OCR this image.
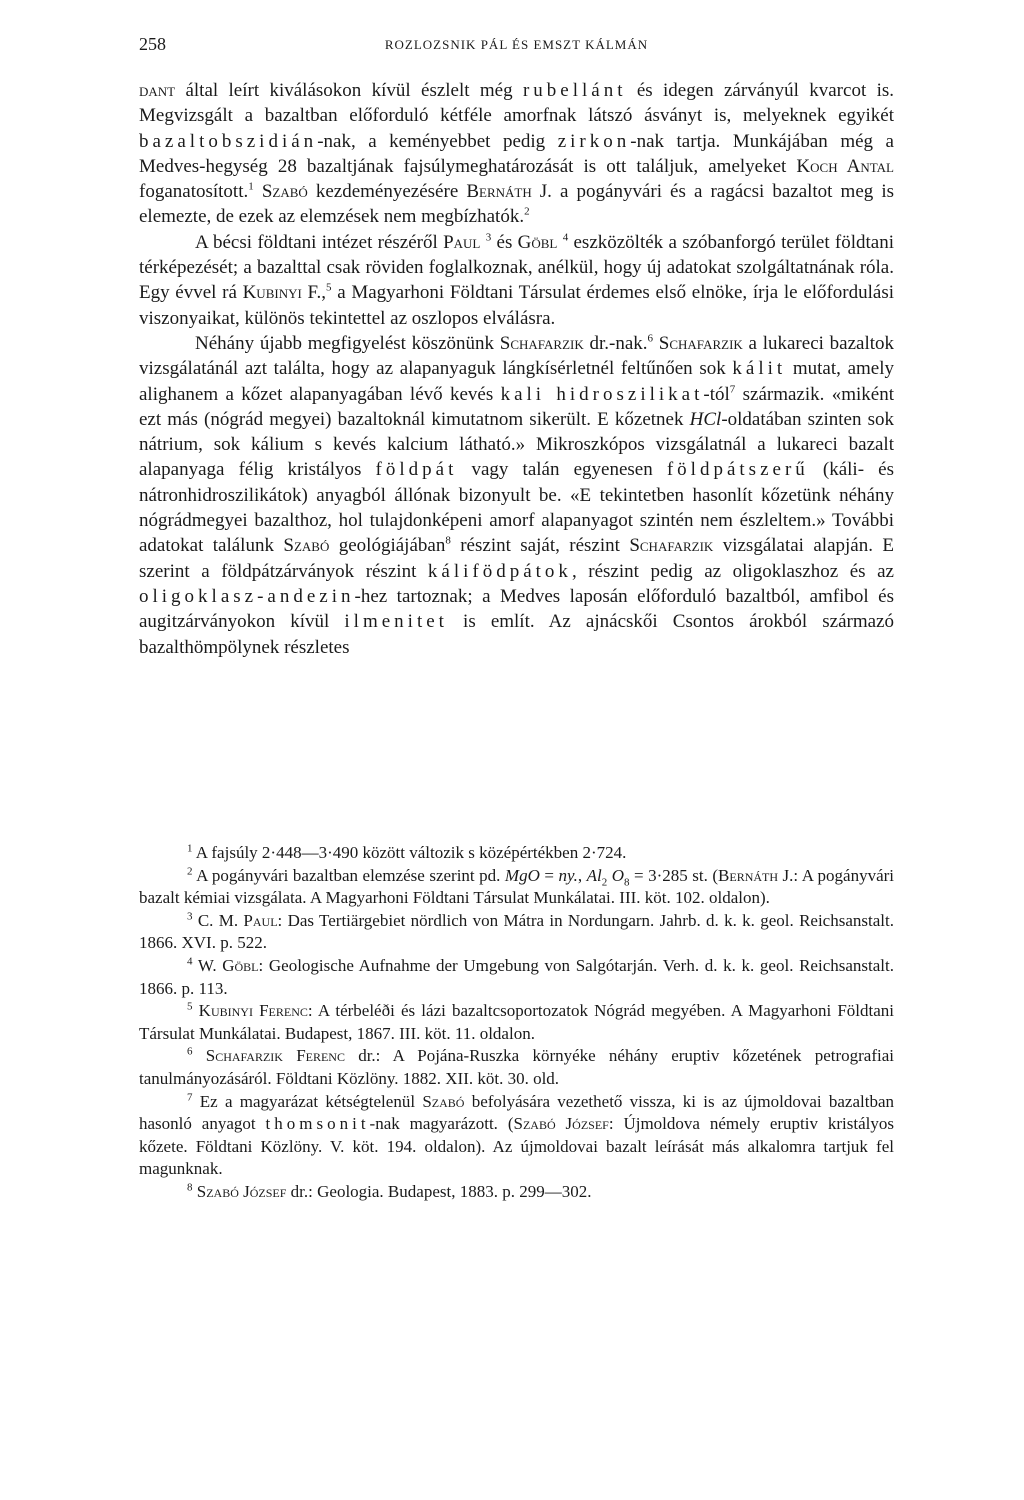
258	ROZLOZSNIK PÁL ÉS EMSZT KÁLMÁN

dant által leírt kiválásokon kívül észlelt még rubellánt és idegen zárványúl kvarcot is. Megvizsgált a bazaltban előforduló kétféle amorfnak látszó ásványt is, melyeknek egyikét bazaltobszidián-nak, a keményebbet pedig zirkon-nak tartja. Munkájában még a Medves-hegység 28 bazaltjának fajsúlymeghatározását is ott találjuk, amelyeket Koch Antal foganatosított.$^1$ Szabó kezdeményezésére Bernáth J. a pogányvári és a ragácsi bazaltot meg is elemezte, de ezek az elemzések nem megbízhatók.$^2$

A bécsi földtani intézet részéről Paul $^3$ és Göbl $^4$ eszközölték a szóbanforgó terület földtani térképezését; a bazalttal csak röviden foglalkoznak, anélkül, hogy új adatokat szolgáltatnának róla. Egy évvel rá Kubinyi F.,$^5$ a Magyarhoni Földtani Társulat érdemes első elnöke, írja le előfordulási viszonyaikat, különös tekintettel az oszlopos elválásra.

Néhány újabb megfigyelést köszönünk Schafarzik dr.-nak.$^6$ Schafarzik a lukareci bazaltok vizsgálatánál azt találta, hogy az alapanyaguk lángkísérletnél feltűnően sok kálit mutat, amely alighanem a kőzet alapanyagában lévő kevés kali hidroszilikat-tól$^7$ származik. «miként ezt más (nógrád megyei) bazaltoknál kimutatnom sikerült. E kőzetnek HCl-oldatában szinten sok nátrium, sok kálium s kevés kalcium látható.» Mikroszkópos vizsgálatnál a lukareci bazalt alapanyaga félig kristályos földpát vagy talán egyenesen földpátszerű (káli- és nátronhidroszilikátok) anyagból állónak bizonyult be. «E tekintetben hasonlít kőzetünk néhány nógrádmegyei bazalthoz, hol tulajdonképeni amorf alapanyagot szintén nem észleltem.» További adatokat találunk Szabó geológiájában$^8$ részint saját, részint Schafarzik vizsgálatai alapján. E szerint a földpátzárványok részint kálifödpátok, részint pedig az oligoklaszhoz és az oligoklasz-andezin-hez tartoznak; a Medves laposán előforduló bazaltból, amfibol és augitzárványokon kívül ilmenitet is említ. Az ajnácskői Csontos árokból származó bazalthömpölynek részletes

$^1$ A fajsúly 2·448—3·490 között változik s középértékben 2·724.

$^2$ A pogányvári bazaltban elemzése szerint pd. MgO = ny., $Al_2$ $O_8 = 3\cdot 285$ st. (Bernáth J.: A pogányvári bazalt kémiai vizsgálata. A Magyarhoni Földtani Társulat Munkálatai. III. köt. 102. oldalon).

$^3$ C. M. Paul: Das Tertiärgebiet nördlich von Mátra in Nordungarn. Jahrb. d. k. k. geol. Reichsanstalt. 1866. XVI. p. 522.

$^4$ W. Göbl: Geologische Aufnahme der Umgebung von Salgótarján. Verh. d. k. k. geol. Reichsanstalt. 1866. p. 113.

$^5$ Kubinyi Ferenc: A térbeléði és lázi bazaltcsoportozatok Nógrád megyében. A Magyarhoni Földtani Társulat Munkálatai. Budapest, 1867. III. köt. 11. oldalon.

$^6$ Schafarzik Ferenc dr.: A Pojána-Ruszka környéke néhány eruptiv kőzetének petrografiai tanulmányozásáról. Földtani Közlöny. 1882. XII. köt. 30. old.

$^7$ Ez a magyarázat kétségtelenül Szabó befolyására vezethető vissza, ki is az újmoldovai bazaltban hasonló anyagot thomsonit-nak magyarázott. (Szabó József: Újmoldova némely eruptiv kristályos kőzete. Földtani Közlöny. V. köt. 194. oldalon). Az újmoldovai bazalt leírását más alkalomra tartjuk fel magunknak.

$^8$ Szabó József dr.: Geologia. Budapest, 1883. p. 299—302.
